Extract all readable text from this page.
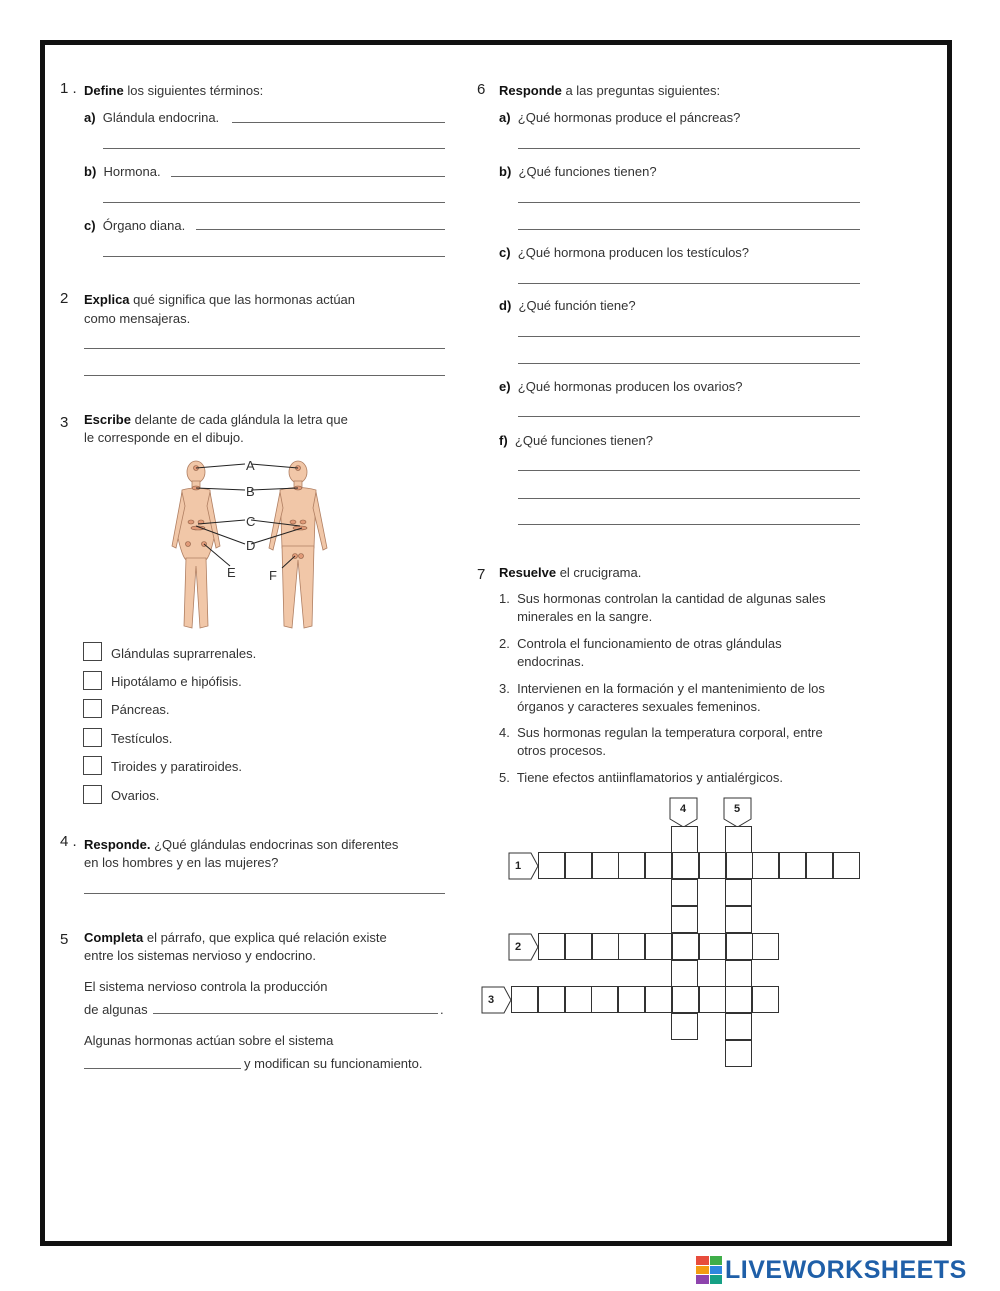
1 . Define los siguientes términos:
a) Glándula endocrina.
b) Hormona.
c) Órgano diana.
2 Explica qué significa que las hormonas actúan
como mensajeras.
3 Escribe delante de cada glándula la letra que
le corresponde en el dibujo.
A
B
C
D
E	F
Glándulas suprarrenales.
Hipotálamo e hipófisis.
Páncreas.
Testículos.
Tiroides y paratiroides.
Ovarios.
4 . Responde. ¿Qué glándulas endocrinas son diferentes
en los hombres y en las mujeres?
5 Completa el párrafo, que explica qué relación existe
entre los sistemas nervioso y endocrino.
El sistema nervioso controla la producción
de algunas	.
Algunas hormonas actúan sobre el sistema
y modifican su funcionamiento.
6 Responde a las preguntas siguientes:
a) ¿Qué hormonas produce el páncreas?
b) ¿Qué funciones tienen?
c) ¿Qué hormona producen los testículos?
d) ¿Qué función tiene?
e) ¿Qué hormonas producen los ovarios?
f) ¿Qué funciones tienen?
7 Resuelve el crucigrama.
1. Sus hormonas controlan la cantidad de algunas sales
minerales en la sangre.
2. Controla el funcionamiento de otras glándulas
endocrinas.
3. Intervienen en la formación y el mantenimiento de los
órganos y caracteres sexuales femeninos.
4. Sus hormonas regulan la temperatura corporal, entre
otros procesos.
5. Tiene efectos antiinflamatorios y antialérgicos.
1
2
3
4	5
LIVEWORKSHEETS
